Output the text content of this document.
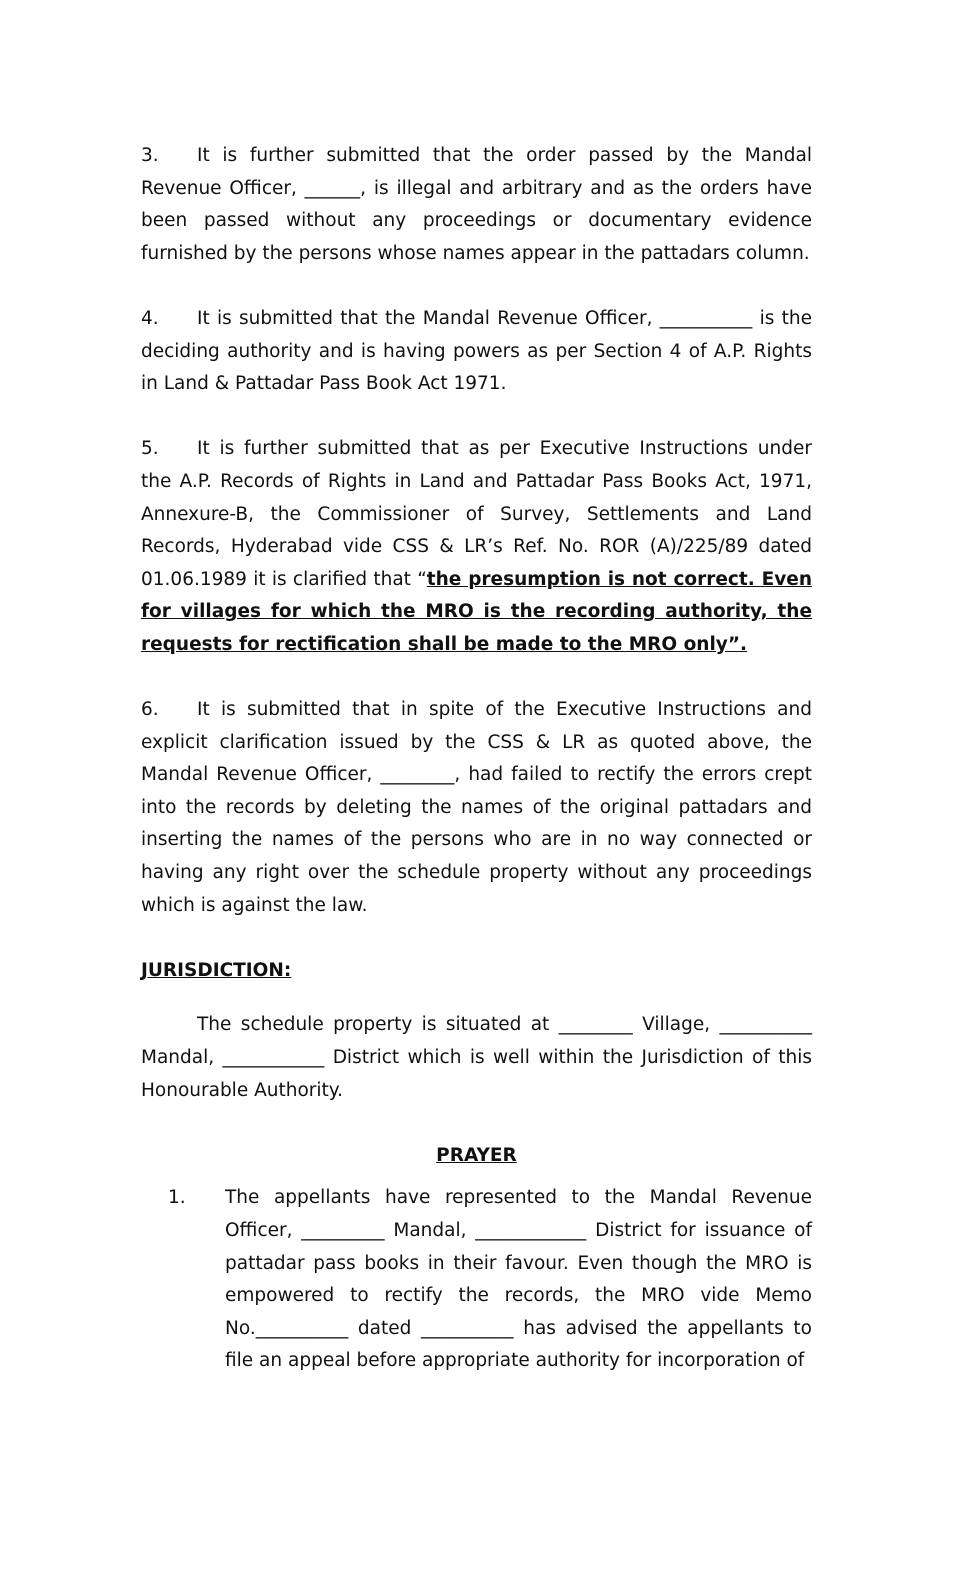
3. It is further submitted that the order passed by the Mandal Revenue Officer, ______, is illegal and arbitrary and as the orders have been passed without any proceedings or documentary evidence furnished by the persons whose names appear in the pattadars column.

4. It is submitted that the Mandal Revenue Officer, __________ is the deciding authority and is having powers as per Section 4 of A.P. Rights in Land & Pattadar Pass Book Act 1971.

5. It is further submitted that as per Executive Instructions under the A.P. Records of Rights in Land and Pattadar Pass Books Act, 1971, Annexure-B, the Commissioner of Survey, Settlements and Land Records, Hyderabad vide CSS & LR’s Ref. No. ROR (A)/225/89 dated 01.06.1989 it is clarified that “the presumption is not correct. Even for villages for which the MRO is the recording authority, the requests for rectification shall be made to the MRO only”.

6. It is submitted that in spite of the Executive Instructions and explicit clarification issued by the CSS & LR as quoted above, the Mandal Revenue Officer, ________, had failed to rectify the errors crept into the records by deleting the names of the original pattadars and inserting the names of the persons who are in no way connected or having any right over the schedule property without any proceedings which is against the law.

JURISDICTION:

The schedule property is situated at ________ Village, __________ Mandal, ___________ District which is well within the Jurisdiction of this Honourable Authority.

PRAYER
1. The appellants have represented to the Mandal Revenue Officer, _________ Mandal, ____________ District for issuance of pattadar pass books in their favour. Even though the MRO is empowered to rectify the records, the MRO vide Memo No.__________ dated __________ has advised the appellants to file an appeal before appropriate authority for incorporation of
